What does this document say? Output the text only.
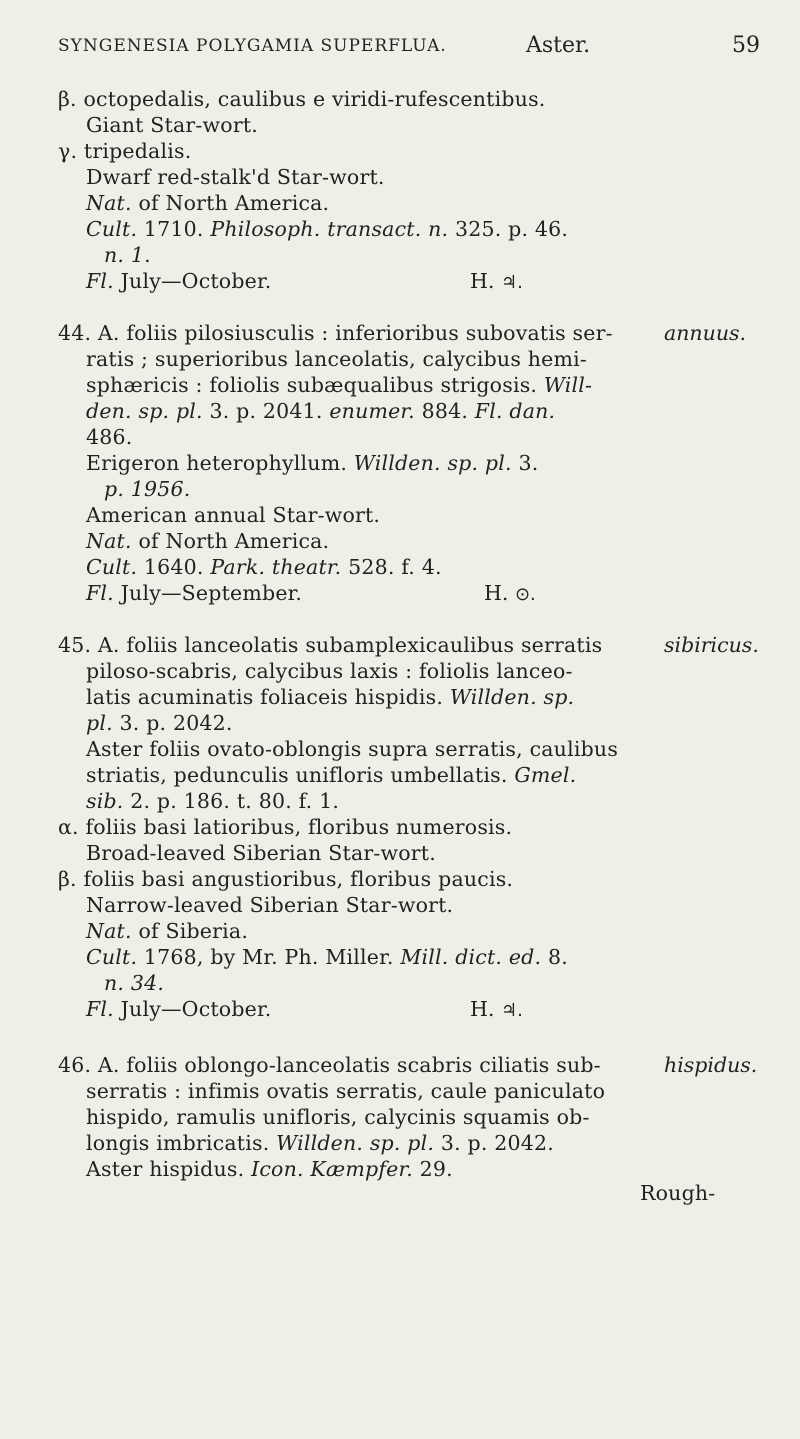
SYNGENESIA POLYGAMIA SUPERFLUA.	Aster.	59
β. octopedalis, caulibus e viridi-rufescentibus.
Giant Star-wort.
γ. tripedalis.
Dwarf red-stalk'd Star-wort.
Nat. of North America.
Cult. 1710. Philosoph. transact. n. 325. p. 46.
n. 1.
Fl. July—October.	H. ♃.
44. A. foliis pilosiusculis : inferioribus subovatis ser-	annuus.
ratis ; superioribus lanceolatis, calycibus hemi-
sphæricis : foliolis subæqualibus strigosis. Will-
den. sp. pl. 3. p. 2041. enumer. 884. Fl. dan.
486.
Erigeron heterophyllum. Willden. sp. pl. 3.
p. 1956.
American annual Star-wort.
Nat. of North America.
Cult. 1640. Park. theatr. 528. f. 4.
Fl. July—September.	H. ⊙.
45. A. foliis lanceolatis subamplexicaulibus serratis	sibiricus.
piloso-scabris, calycibus laxis : foliolis lanceo-
latis acuminatis foliaceis hispidis. Willden. sp.
pl. 3. p. 2042.
Aster foliis ovato-oblongis supra serratis, caulibus
striatis, pedunculis unifloris umbellatis. Gmel.
sib. 2. p. 186. t. 80. f. 1.
α. foliis basi latioribus, floribus numerosis.
Broad-leaved Siberian Star-wort.
β. foliis basi angustioribus, floribus paucis.
Narrow-leaved Siberian Star-wort.
Nat. of Siberia.
Cult. 1768, by Mr. Ph. Miller. Mill. dict. ed. 8.
n. 34.
Fl. July—October.	H. ♃.
46. A. foliis oblongo-lanceolatis scabris ciliatis sub-	hispidus.
serratis : infimis ovatis serratis, caule paniculato
hispido, ramulis unifloris, calycinis squamis ob-
longis imbricatis. Willden. sp. pl. 3. p. 2042.
Aster hispidus. Icon. Kæmpfer. 29.
Rough-
